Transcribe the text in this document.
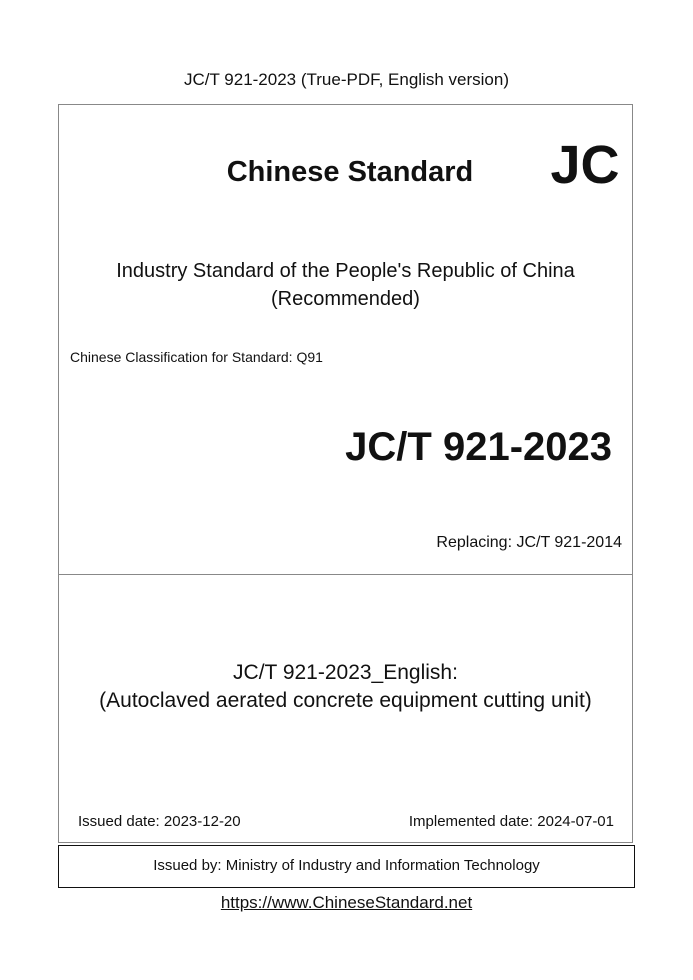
JC/T 921-2023 (True-PDF, English version)
Chinese Standard	JC
Industry Standard of the People's Republic of China
(Recommended)
Chinese Classification for Standard: Q91
JC/T 921-2023
Replacing: JC/T 921-2014
JC/T 921-2023_English:
(Autoclaved aerated concrete equipment cutting unit)
Issued date: 2023-12-20	Implemented date: 2024-07-01
Issued by: Ministry of Industry and Information Technology
https://www.ChineseStandard.net
